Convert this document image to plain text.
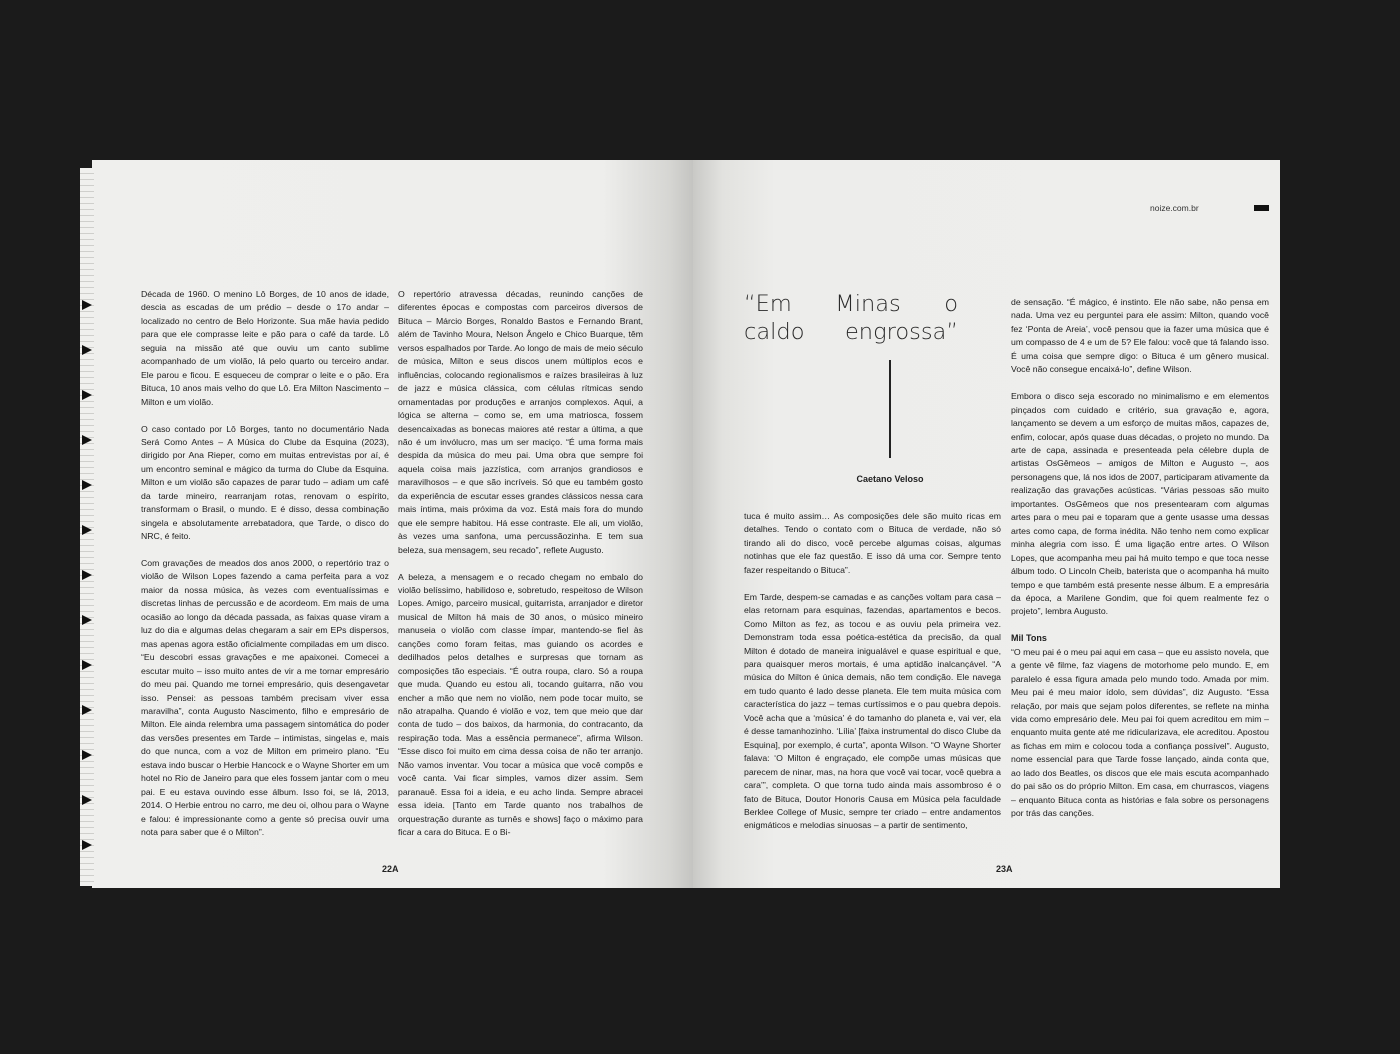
Década de 1960. O menino Lô Borges, de 10 anos de idade, descia as escadas de um prédio – desde o 17o andar – localizado no centro de Belo Horizonte. Sua mãe havia pedido para que ele comprasse leite e pão para o café da tarde. Lô seguia na missão até que ouviu um canto sublime acompanhado de um violão, lá pelo quarto ou terceiro andar. Ele parou e ficou. E esqueceu de comprar o leite e o pão. Era Bituca, 10 anos mais velho do que Lô. Era Milton Nascimento – Milton e um violão.

O caso contado por Lô Borges, tanto no documentário Nada Será Como Antes – A Música do Clube da Esquina (2023), dirigido por Ana Rieper, como em muitas entrevistas por aí, é um encontro seminal e mágico da turma do Clube da Esquina. Milton e um violão são capazes de parar tudo – adiam um café da tarde mineiro, rearranjam rotas, renovam o espírito, transformam o Brasil, o mundo. E é disso, dessa combinação singela e absolutamente arrebatadora, que Tarde, o disco do NRC, é feito.

Com gravações de meados dos anos 2000, o repertório traz o violão de Wilson Lopes fazendo a cama perfeita para a voz maior da nossa música, às vezes com eventualíssimas e discretas linhas de percussão e de acordeom. Em mais de uma ocasião ao longo da década passada, as faixas quase viram a luz do dia e algumas delas chegaram a sair em EPs dispersos, mas apenas agora estão oficialmente compiladas em um disco. “Eu descobri essas gravações e me apaixonei. Comecei a escutar muito – isso muito antes de vir a me tornar empresário do meu pai. Quando me tornei empresário, quis desengavetar isso. Pensei: as pessoas também precisam viver essa maravilha”, conta Augusto Nascimento, filho e empresário de Milton. Ele ainda relembra uma passagem sintomática do poder das versões presentes em Tarde – intimistas, singelas e, mais do que nunca, com a voz de Milton em primeiro plano. “Eu estava indo buscar o Herbie Hancock e o Wayne Shorter em um hotel no Rio de Janeiro para que eles fossem jantar com o meu pai. E eu estava ouvindo esse álbum. Isso foi, se lá, 2013, 2014. O Herbie entrou no carro, me deu oi, olhou para o Wayne e falou: é impressionante como a gente só precisa ouvir uma nota para saber que é o Milton”.

O repertório atravessa décadas, reunindo canções de diferentes épocas e compostas com parceiros diversos de Bituca – Márcio Borges, Ronaldo Bastos e Fernando Brant, além de Tavinho Moura, Nelson Ângelo e Chico Buarque, têm versos espalhados por Tarde. Ao longo de mais de meio século de música, Milton e seus discos unem múltiplos ecos e influências, colocando regionalismos e raízes brasileiras à luz de jazz e música clássica, com células rítmicas sendo ornamentadas por produções e arranjos complexos. Aqui, a lógica se alterna – como se, em uma matriosca, fossem desencaixadas as bonecas maiores até restar a última, a que não é um invólucro, mas um ser maciço. “É uma forma mais despida da música do meu pai. Uma obra que sempre foi aquela coisa mais jazzística, com arranjos grandiosos e maravilhosos – e que são incríveis. Só que eu também gosto da experiência de escutar esses grandes clássicos nessa cara mais íntima, mais próxima da voz. Está mais fora do mundo que ele sempre habitou. Há esse contraste. Ele ali, um violão, às vezes uma sanfona, uma percussãozinha. E tem sua beleza, sua mensagem, seu recado”, reflete Augusto.

A beleza, a mensagem e o recado chegam no embalo do violão belíssimo, habilidoso e, sobretudo, respeitoso de Wilson Lopes. Amigo, parceiro musical, guitarrista, arranjador e diretor musical de Milton há mais de 30 anos, o músico mineiro manuseia o violão com classe ímpar, mantendo-se fiel às canções como foram feitas, mas guiando os acordes e dedilhados pelos detalhes e surpresas que tornam as composições tão especiais. “É outra roupa, claro. Só a roupa que muda. Quando eu estou ali, tocando guitarra, não vou encher a mão que nem no violão, nem pode tocar muito, se não atrapalha. Quando é violão e voz, tem que meio que dar conta de tudo – dos baixos, da harmonia, do contracanto, da respiração toda. Mas a essência permanece”, afirma Wilson. “Esse disco foi muito em cima dessa coisa de não ter arranjo. Não vamos inventar. Vou tocar a música que você compôs e você canta. Vai ficar simples, vamos dizer assim. Sem paranauê. Essa foi a ideia, e eu acho linda. Sempre abracei essa ideia. [Tanto em Tarde quanto nos trabalhos de orquestração durante as turnês e shows] faço o máximo para ficar a cara do Bituca. E o Bi-

22A
noize.com.br
“Em Minas o
caldo engrossa”
Caetano Veloso

tuca é muito assim… As composições dele são muito ricas em detalhes. Tendo o contato com o Bituca de verdade, não só tirando ali do disco, você percebe algumas coisas, algumas notinhas que ele faz questão. E isso dá uma cor. Sempre tento fazer respeitando o Bituca”.

Em Tarde, despem-se camadas e as canções voltam para casa – elas retornam para esquinas, fazendas, apartamentos e becos. Como Milton as fez, as tocou e as ouviu pela primeira vez. Demonstram toda essa poética-estética da precisão, da qual Milton é dotado de maneira inigualável e quase espiritual e que, para quaisquer meros mortais, é uma aptidão inalcançável. “A música do Milton é única demais, não tem condição. Ele navega em tudo quanto é lado desse planeta. Ele tem muita música com característica do jazz – temas curtíssimos e o pau quebra depois. Você acha que a ‘música’ é do tamanho do planeta e, vai ver, ela é desse tamanhozinho. ‘Lília’ [faixa instrumental do disco Clube da Esquina], por exemplo, é curta”, aponta Wilson. “O Wayne Shorter falava: ‘O Milton é engraçado, ele compõe umas músicas que parecem de ninar, mas, na hora que você vai tocar, você quebra a cara’”, completa. O que torna tudo ainda mais assombroso é o fato de Bituca, Doutor Honoris Causa em Música pela faculdade Berklee College of Music, sempre ter criado – entre andamentos enigmáticos e melodias sinuosas – a partir de sentimento,

de sensação. “É mágico, é instinto. Ele não sabe, não pensa em nada. Uma vez eu perguntei para ele assim: Milton, quando você fez ‘Ponta de Areia’, você pensou que ia fazer uma música que é um compasso de 4 e um de 5? Ele falou: você que tá falando isso. É uma coisa que sempre digo: o Bituca é um gênero musical. Você não consegue encaixá-lo”, define Wilson.

Embora o disco seja escorado no minimalismo e em elementos pinçados com cuidado e critério, sua gravação e, agora, lançamento se devem a um esforço de muitas mãos, capazes de, enfim, colocar, após quase duas décadas, o projeto no mundo. Da arte de capa, assinada e presenteada pela célebre dupla de artistas OsGêmeos – amigos de Milton e Augusto –, aos personagens que, lá nos idos de 2007, participaram ativamente da realização das gravações acústicas. “Várias pessoas são muito importantes. OsGêmeos que nos presentearam com algumas artes para o meu pai e toparam que a gente usasse uma dessas artes como capa, de forma inédita. Não tenho nem como explicar minha alegria com isso. É uma ligação entre artes. O Wilson Lopes, que acompanha meu pai há muito tempo e que toca nesse álbum todo. O Lincoln Cheib, baterista que o acompanha há muito tempo e que também está presente nesse álbum. E a empresária da época, a Marilene Gondim, que foi quem realmente fez o projeto”, lembra Augusto.

Mil Tons

“O meu pai é o meu pai aqui em casa – que eu assisto novela, que a gente vê filme, faz viagens de motorhome pelo mundo. E, em paralelo é essa figura amada pelo mundo todo. Amada por mim. Meu pai é meu maior ídolo, sem dúvidas”, diz Augusto. “Essa relação, por mais que sejam polos diferentes, se reflete na minha vida como empresário dele. Meu pai foi quem acreditou em mim – enquanto muita gente até me ridicularizava, ele acreditou. Apostou as fichas em mim e colocou toda a confiança possível”. Augusto, nome essencial para que Tarde fosse lançado, ainda conta que, ao lado dos Beatles, os discos que ele mais escuta acompanhado do pai são os do próprio Milton. Em casa, em churrascos, viagens – enquanto Bituca conta as histórias e fala sobre os personagens por trás das canções.

23A
